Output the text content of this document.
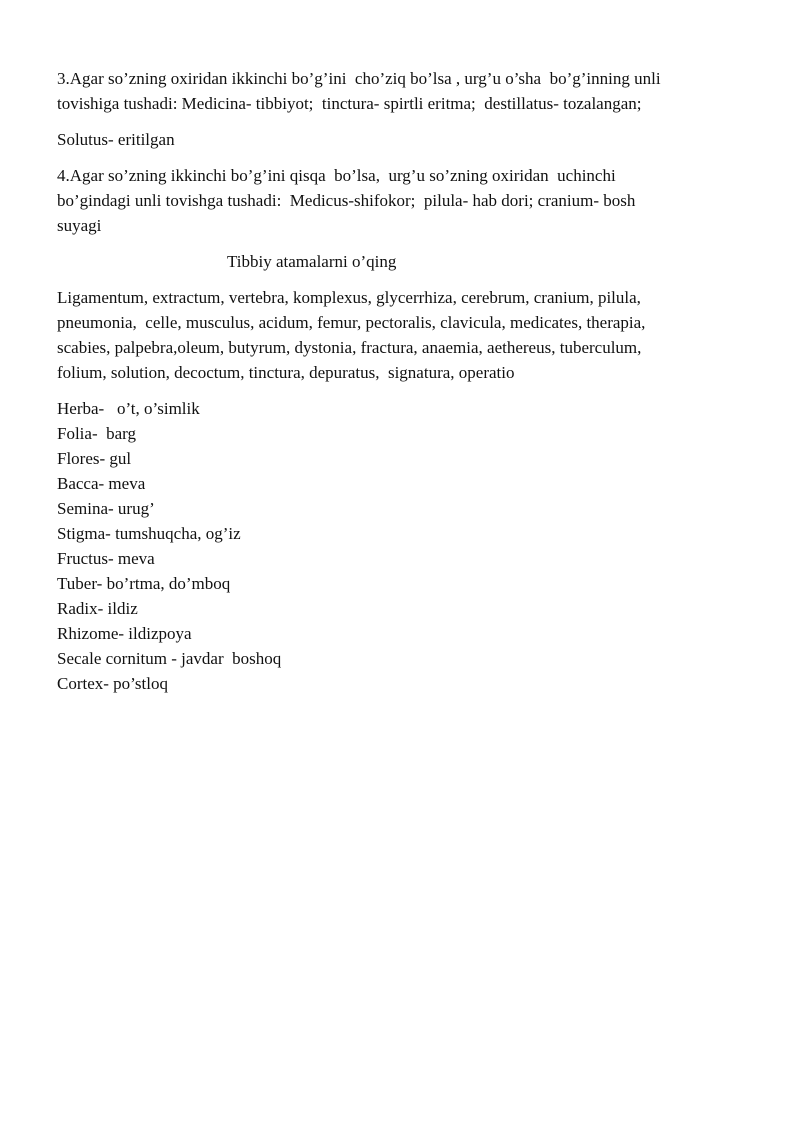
3.Agar so’zning oxiridan ikkinchi bo’g’ini  cho’ziq bo’lsa , urg’u o’sha  bo’g’inning unli

tovishiga tushadi: Medicina- tibbiyot;  tinctura- spirtli eritma;  destillatus- tozalangan;

Solutus- eritilgan

4.Agar so’zning ikkinchi bo’g’ini qisqa  bo’lsa,  urg’u so’zning oxiridan  uchinchi

bo’gindagi unli tovishga tushadi:  Medicus-shifokor;  pilula- hab dori; cranium- bosh

suyagi

Tibbiy atamalarni o’qing

Ligamentum, extractum, vertebra, komplexus, glycerrhiza, cerebrum, cranium, pilula,

pneumonia,  celle, musculus, acidum, femur, pectoralis, clavicula, medicates, therapia,

scabies, palpebra,oleum, butyrum, dystonia, fractura, anaemia, aethereus, tuberculum,

folium, solution, decoctum, tinctura, depuratus,  signatura, operatio

Herba-   o’t, o’simlik
Folia-  barg
Flores- gul
Bacca- meva
Semina- urug’
Stigma- tumshuqcha, og’iz
Fructus- meva
Tuber- bo’rtma, do’mboq
Radix- ildiz
Rhizome- ildizpoya
Secale cornitum - javdar  boshoq
Cortex- po’stloq
